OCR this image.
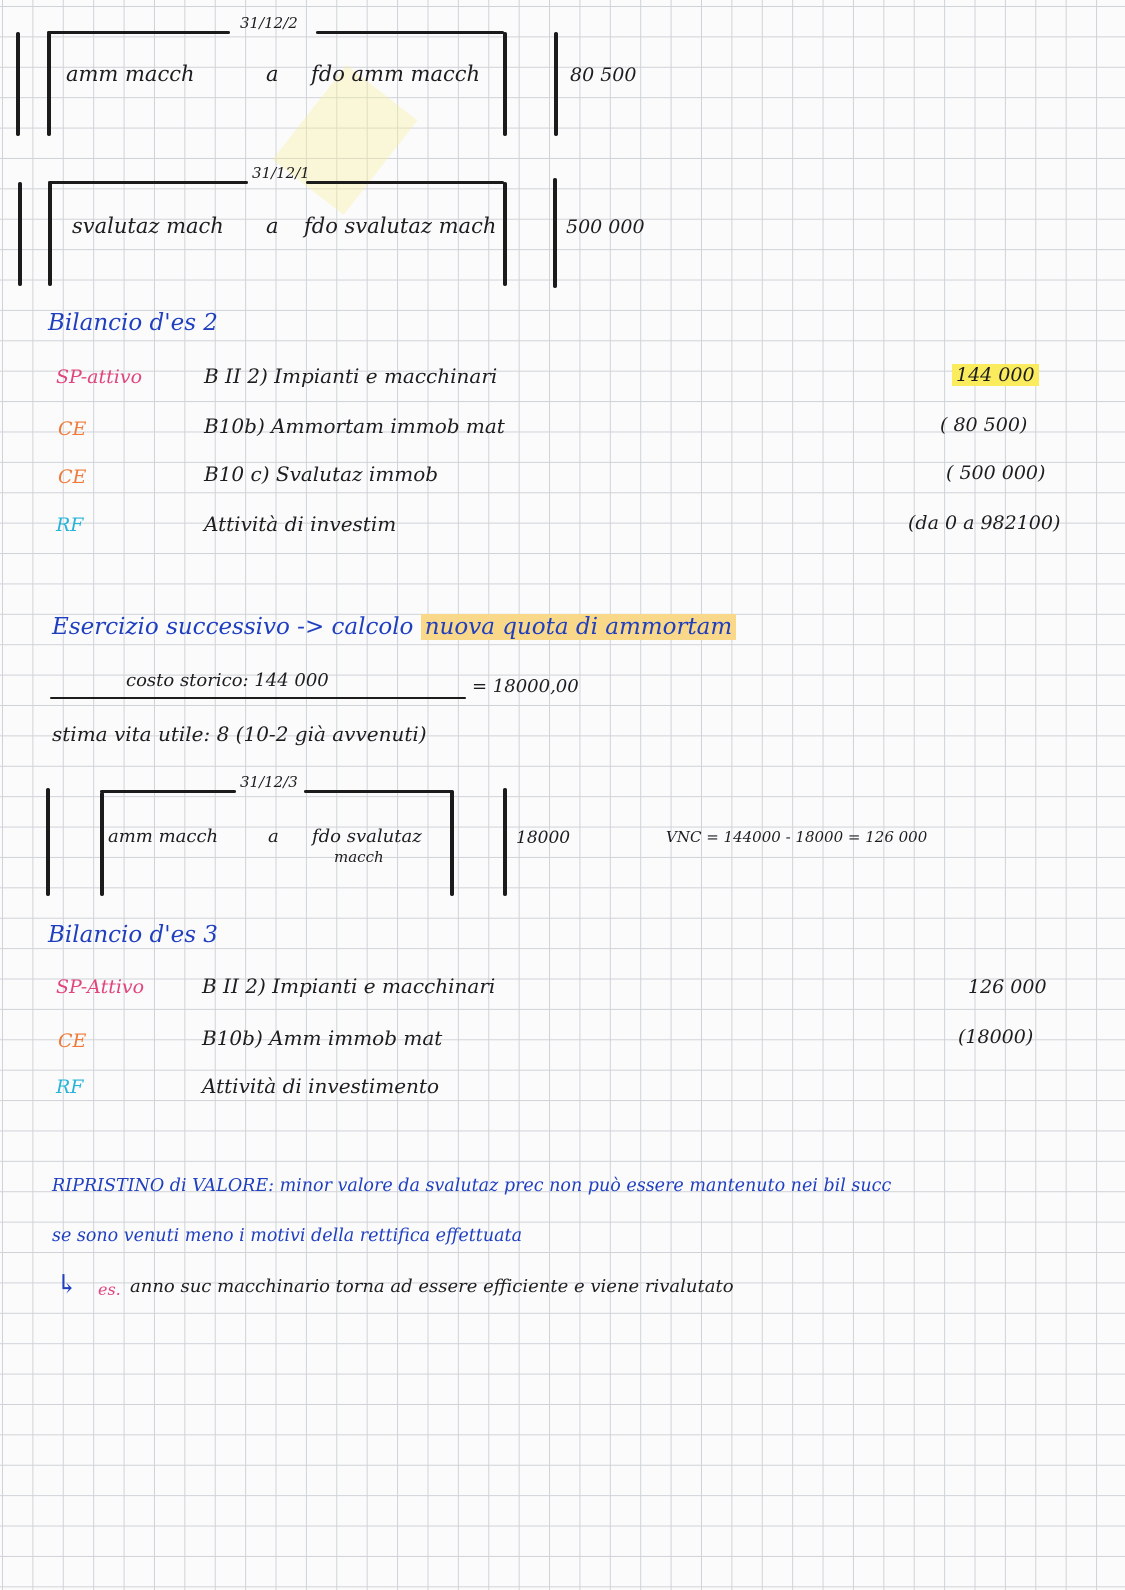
31/12/2
amm macch	a fdo amm macch	80 500
31/12/1
svalutaz mach a fdo svalutaz mach	500 000
Bilancio d'es 2
SP-attivo	B II 2) Impianti e macchinari	144 000
CE	B10b) Ammortam immob mat	( 80 500)
CE	B10 c) Svalutaz immob	( 500 000)
RF	Attività di investim	(da 0 a 982100)
Esercizio successivo -> calcolo nuova quota di ammortam
costo storico: 144 000	= 18000,00
stima vita utile: 8 (10-2 già avvenuti)
31/12/3
amm macch	a fdo svalutaz
macch
18000	VNC = 144000 - 18000 = 126 000
Bilancio d'es 3
SP-Attivo	B II 2) Impianti e macchinari	126 000
CE	B10b) Amm immob mat	(18000)
RF	Attività di investimento
RIPRISTINO di VALORE: minor valore da svalutaz prec non può essere mantenuto nei bil succ
se sono venuti meno i motivi della rettifica effettuata
↳ es. anno suc macchinario torna ad essere efficiente e viene rivalutato
